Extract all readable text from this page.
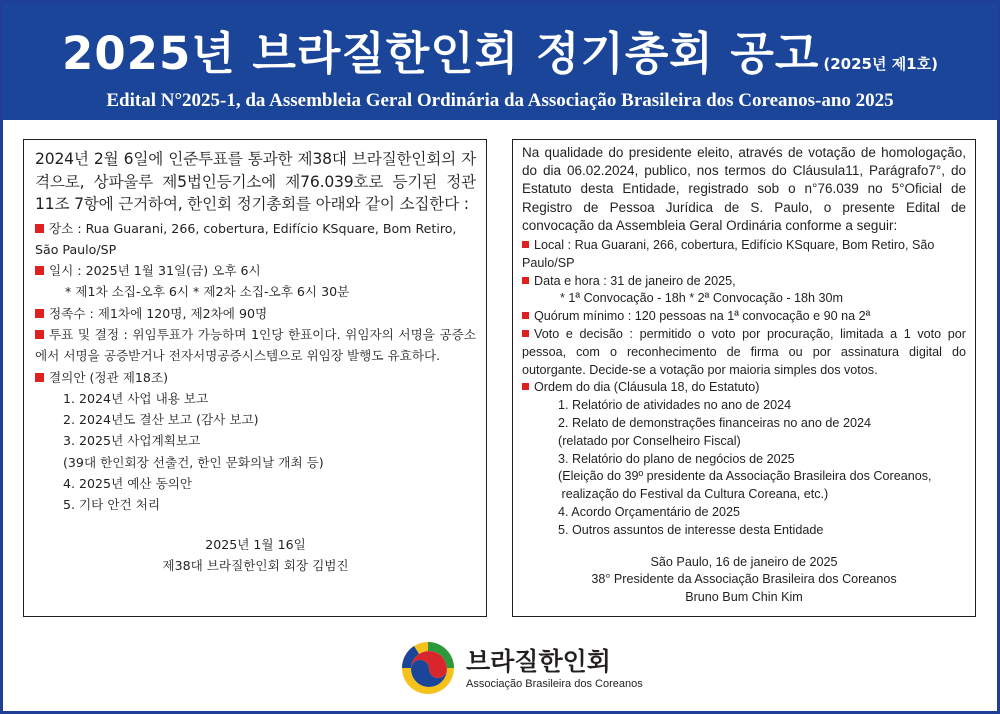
2025년 브라질한인회 정기총회 공고 (2025년 제1호)
Edital N°2025-1, da Assembleia Geral Ordinária da Associação Brasileira dos Coreanos-ano 2025
2024년 2월 6일에 인준투표를 통과한 제38대 브라질한인회의 자격으로, 상파울루 제5법인등기소에 제76.039호로 등기된 정관 11조 7항에 근거하여, 한인회 정기총회를 아래와 같이 소집한다 :
장소 : Rua Guarani, 266, cobertura, Edifício KSquare, Bom Retiro, São Paulo/SP
일시 : 2025년 1월 31일(금) 오후 6시
* 제1차 소집-오후 6시 * 제2차 소집-오후 6시 30분
정족수 : 제1차에 120명, 제2차에 90명
투표 및 결정 : 위임투표가 가능하며 1인당 한표이다. 위임자의 서명을 공증소에서 서명을 공증받거나 전자서명공증시스템으로 위임장 발행도 유효하다.
결의안 (정관 제18조)
1. 2024년 사업 내용 보고
2. 2024년도 결산 보고 (감사 보고)
3. 2025년 사업계획보고
(39대 한인회장 선출건, 한인 문화의날 개최 등)
4. 2025년 예산 동의안
5. 기타 안건 처리
2025년 1월 16일
제38대 브라질한인회 회장 김범진
Na qualidade do presidente eleito, através de votação de homologação, do dia 06.02.2024, publico, nos termos do Cláusula11, Parágrafo7°, do Estatuto desta Entidade, registrado sob o n°76.039 no 5°Oficial de Registro de Pessoa Jurídica de S. Paulo, o presente Edital de convocação da Assembleia Geral Ordinária conforme a seguir:
Local : Rua Guarani, 266, cobertura, Edifício KSquare, Bom Retiro, São Paulo/SP
Data e hora : 31 de janeiro de 2025,
* 1ª Convocação - 18h * 2ª Convocação - 18h 30m
Quórum mínimo : 120 pessoas na 1ª convocação e 90 na 2ª
Voto e decisão : permitido o voto por procuração, limitada a 1 voto por pessoa, com o reconhecimento de firma ou por assinatura digital do outorgante. Decide-se a votação por maioria simples dos votos.
Ordem do dia (Cláusula 18, do Estatuto)
1. Relatório de atividades no ano de 2024
2. Relato de demonstrações financeiras no ano de 2024
(relatado por Conselheiro Fiscal)
3. Relatório do plano de negócios de 2025
(Eleição do 39º presidente da Associação Brasileira dos Coreanos,
realização do Festival da Cultura Coreana, etc.)
4. Acordo Orçamentário de 2025
5. Outros assuntos de interesse desta Entidade
São Paulo, 16 de janeiro de 2025
38° Presidente da Associação Brasileira dos Coreanos
Bruno Bum Chin Kim
브라질한인회
Associação Brasileira dos Coreanos
